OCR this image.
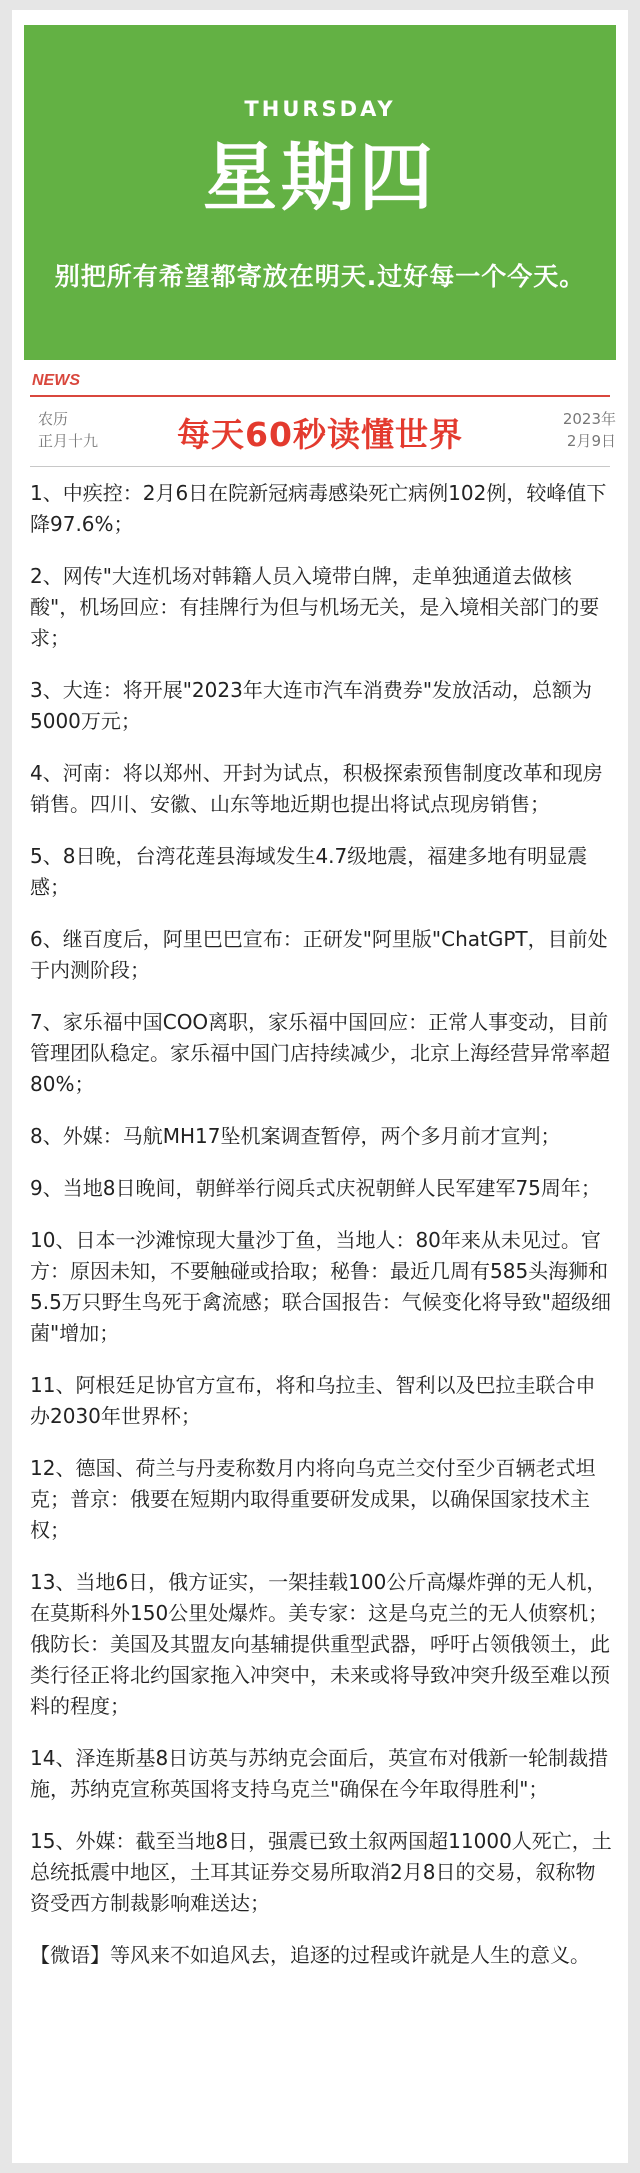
THURSDAY
星期四
别把所有希望都寄放在明天.过好每一个今天。
NEWS
农历
正月十九	每天60秒读懂世界	2023年
2月9日

1、中疾控：2月6日在院新冠病毒感染死亡病例102例，较峰值下降97.6%；

2、网传"大连机场对韩籍人员入境带白牌，走单独通道去做核酸"，机场回应：有挂牌行为但与机场无关，是入境相关部门的要求；

3、大连：将开展"2023年大连市汽车消费券"发放活动，总额为5000万元；

4、河南：将以郑州、开封为试点，积极探索预售制度改革和现房销售。四川、安徽、山东等地近期也提出将试点现房销售；

5、8日晚，台湾花莲县海域发生4.7级地震，福建多地有明显震感；

6、继百度后，阿里巴巴宣布：正研发"阿里版"ChatGPT，目前处于内测阶段；

7、家乐福中国COO离职，家乐福中国回应：正常人事变动，目前管理团队稳定。家乐福中国门店持续减少，北京上海经营异常率超80%；

8、外媒：马航MH17坠机案调查暂停，两个多月前才宣判；

9、当地8日晚间，朝鲜举行阅兵式庆祝朝鲜人民军建军75周年；

10、日本一沙滩惊现大量沙丁鱼，当地人：80年来从未见过。官方：原因未知，不要触碰或拾取；秘鲁：最近几周有585头海狮和5.5万只野生鸟死于禽流感；联合国报告：气候变化将导致"超级细菌"增加；

11、阿根廷足协官方宣布，将和乌拉圭、智利以及巴拉圭联合申办2030年世界杯；

12、德国、荷兰与丹麦称数月内将向乌克兰交付至少百辆老式坦克；普京：俄要在短期内取得重要研发成果，以确保国家技术主权；

13、当地6日，俄方证实，一架挂载100公斤高爆炸弹的无人机，在莫斯科外150公里处爆炸。美专家：这是乌克兰的无人侦察机；俄防长：美国及其盟友向基辅提供重型武器，呼吁占领俄领土，此类行径正将北约国家拖入冲突中，未来或将导致冲突升级至难以预料的程度；

14、泽连斯基8日访英与苏纳克会面后，英宣布对俄新一轮制裁措施，苏纳克宣称英国将支持乌克兰"确保在今年取得胜利"；

15、外媒：截至当地8日，强震已致土叙两国超11000人死亡，土总统抵震中地区，土耳其证券交易所取消2月8日的交易，叙称物资受西方制裁影响难送达；

【微语】等风来不如追风去，追逐的过程或许就是人生的意义。
